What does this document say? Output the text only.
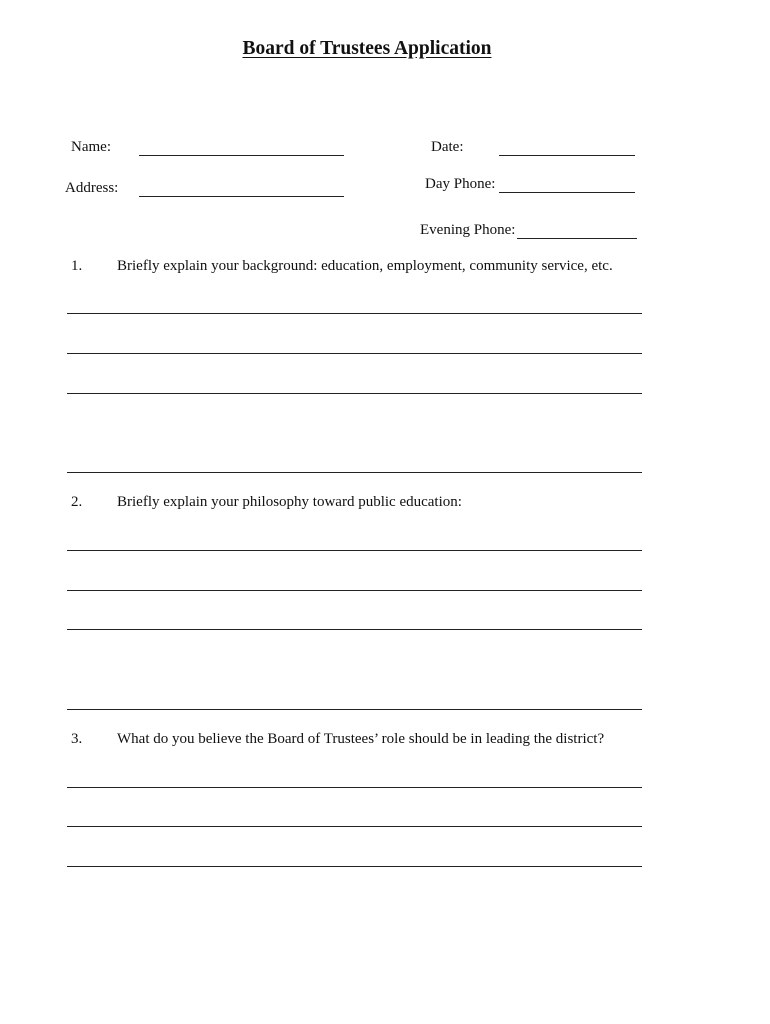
Board of Trustees Application
Name:	Date:
Address:	Day Phone:
Evening Phone:
1. Briefly explain your background: education, employment, community service, etc.
2. Briefly explain your philosophy toward public education:
3. What do you believe the Board of Trustees’ role should be in leading the district?
